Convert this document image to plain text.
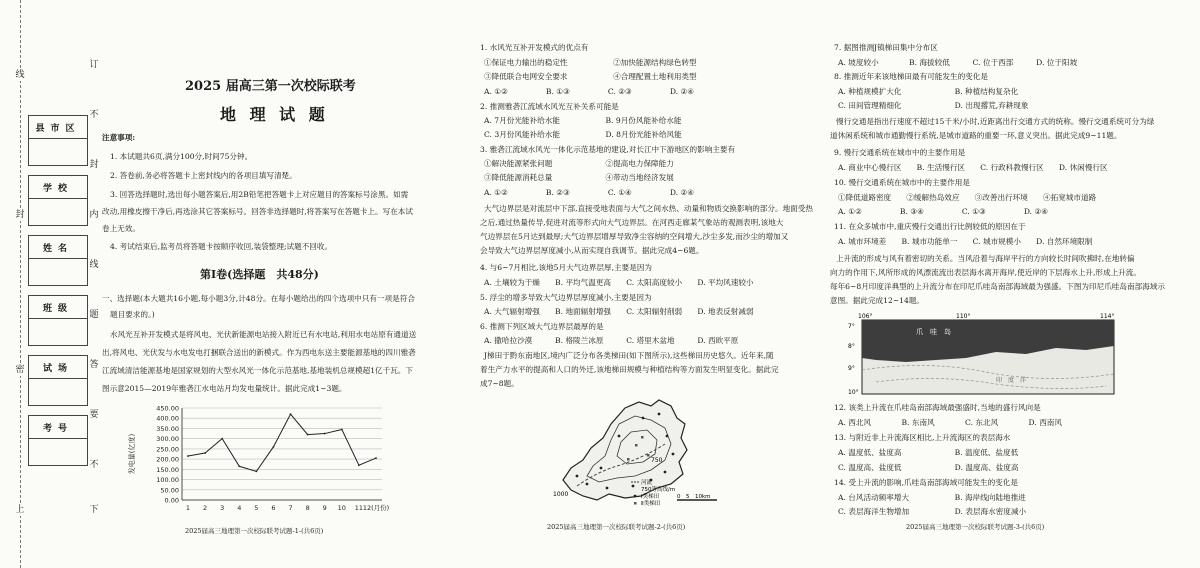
线
封
密
上
订
不
封
内
线
题
答
要
不
下
县市区
学校
姓名
班级
试场
考号
2025 届高三第一次校际联考
地 理 试 题
注意事项:
1. 本试题共6页,满分100分,时间75分钟。
2. 答卷前,务必将答题卡上密封线内的各项目填写清楚。
3. 回答选择题时,选出每小题答案后,用2B铅笔把答题卡上对应题目的答案标号涂黑。如需
改动,用橡皮擦干净后,再选涂其它答案标号。回答非选择题时,将答案写在答题卡上。写在本试
卷上无效。
4. 考试结束后,监考员将答题卡按顺序收回,装袋整理;试题不回收。
第Ⅰ卷(选择题　共48分)
一、选择题(本大题共16小题,每小题3分,计48分。在每小题给出的四个选项中只有一项是符合
题目要求的。)
水风光互补开发模式是将风电、光伏新能源电站接入附近已有水电站,利用水电站原有通道送
出,将风电、光伏发与水电发电打捆联合送出的新模式。作为西电东送主要能源基地的四川雅砻
江流域清洁能源基地是国家规划的大型水风光一体化示范基地,基地装机总规模超1亿千瓦。下
图示意2015—2019年雅砻江水电站月均发电量统计。据此完成1~3题。
0.00
50.00
100.00
150.00
200.00
250.00
300.00
350.00
400.00
450.00
1 2 3 4 5 6 7 8 9 10 11 12(月份)
发电量(亿度)
2025届高三地理第一次校际联考试题-1-(共6页)
1. 水风光互补开发模式的优点有
①保证电力输出的稳定性　　　　　　②加快能源结构绿色转型
③降低联合电网安全要求　　　　　　④合理配置土地利用类型
A. ①②　　　　　B. ①③　　　　　C. ②③　　　　　D. ②④
2. 推测雅砻江流域水风光互补关系可能是
A. 7月份光能补给水能　　　　　　B. 9月份风能补给水能
C. 3月份风能补给水能　　　　　　D. 8月份光能补给风能
3. 雅砻江流域水风光一体化示范基地的建设,对长江中下游地区的影响主要有
①解决能源紧张问题　　　　　　　②提高电力保障能力
③降低能源消耗总量　　　　　　　④带动当地经济发展
A. ①②　　　　　B. ②③　　　　　C. ①④　　　　　D. ②④
大气边界层是对流层中下部,直接受地表面与大气之间水热、动量和物质交换影响的部分。地面受热
之后,通过热量传导,促进对流等形式向大气边界层。在河西走廊某气象站的观测表明,该地大
气边界层在5月达到最厚;大气边界层增厚导致净尘容纳的空间增大,沙尘多发,而沙尘的增加又
会导致大气边界层厚度减小,从而实现自我调节。据此完成4~6题。
4. 与6~7月相比,该地5月大气边界层厚,主要是因为
A. 土壤较为干燥　　B. 平均气温更高　　C. 太阳高度较小　　D. 平均风速较小
5. 浮尘的增多导致大气边界层厚度减小,主要是因为
A. 大气辐射增强　　B. 地面辐射增强　　C. 太阳辐射削弱　　D. 地表反射减弱
6. 推测下列区域大气边界层最厚的是
A. 撒哈拉沙漠　　　B. 格陵兰冰原　　　C. 塔里木盆地　　　D. 西欧平原
J梯田于黔东南地区,境内广泛分布各类梯田(如下图所示),这些梯田历史悠久。近年来,随
着生产力水平的提高和人口的外迁,该地梯田规模与种植结构等方面发生明显变化。据此完
成7~8题。
750
1000
河流
750等高线/m
Ⅰ类梯田
Ⅱ类梯田
0　5　10km
2025届高三地理第一次校际联考试题-2-(共6页)
7. 据图推测J镇梯田集中分布区
A. 坡度较小　　　　B. 海拔较低　　　C. 位于西部　　　D. 位于阳坡
8. 推测近年来该地梯田最有可能发生的变化是
A. 种植规模扩大化　　　　　　　B. 种植结构复杂化
C. 田间管理精细化　　　　　　　D. 出现撂荒,弃耕现象
慢行交通是指出行速度不超过15千米/小时,近距离出行交通方式的统称。慢行交通系统可分为绿
道休闲系统和城市通勤慢行系统,是城市道路的重要一环,意义突出。据此完成9~11题。
9. 慢行交通系统在城市中的主要作用是
A. 商业中心慢行区　　B. 生活慢行区　　C. 行政科教慢行区　　D. 休闲慢行区
10. 慢行交通系统在城市中的主要作用是
①降低道路密度　　②缓解热岛效应　　③改善出行环境　　④拓宽城市道路
A. ①②　　　　　B. ③④　　　　　C. ①③　　　　　D. ②④
11. 在众多城市中,重庆慢行交通出行比例较低的原因在于
A. 城市环境差　　B. 城市功能单一　　C. 城市规模小　　D. 自然环境限制
上升流的形成与风有着密切的关系。当风沿着与海岸平行的方向较长时间吹拂时,在地转偏
向力的作用下,风所形成的风漂流流出表层海水离开海岸,使近岸的下层海水上升,形成上升流。
每年6~8月印度洋典型的上升流分布在印尼爪哇岛南部海域最为强盛。下图为印尼爪哇岛南部海域示
意图。据此完成12~14题。
106°	110°	114°
7°
8°
9°
10°
爪　哇　岛
印　度　洋
12. 该类上升流在爪哇岛南部海域最强盛时,当地的盛行风向是
A. 西北风　　　　B. 东南风　　　　C. 东北风　　　　D. 西南风
13. 与附近非上升流海区相比,上升流海区的表层海水
A. 温度低、盐度高　　　　　　　B. 温度低、盐度低
C. 温度高、盐度低　　　　　　　D. 温度高、盐度高
14. 受上升流的影响,爪哇岛南部海域可能发生的变化是
A. 台风活动频率增大　　　　　　B. 海岸线向陆地推进
C. 表层海洋生物增加　　　　　　D. 表层海水密度减小
2025届高三地理第一次校际联考试题-3-(共6页)
